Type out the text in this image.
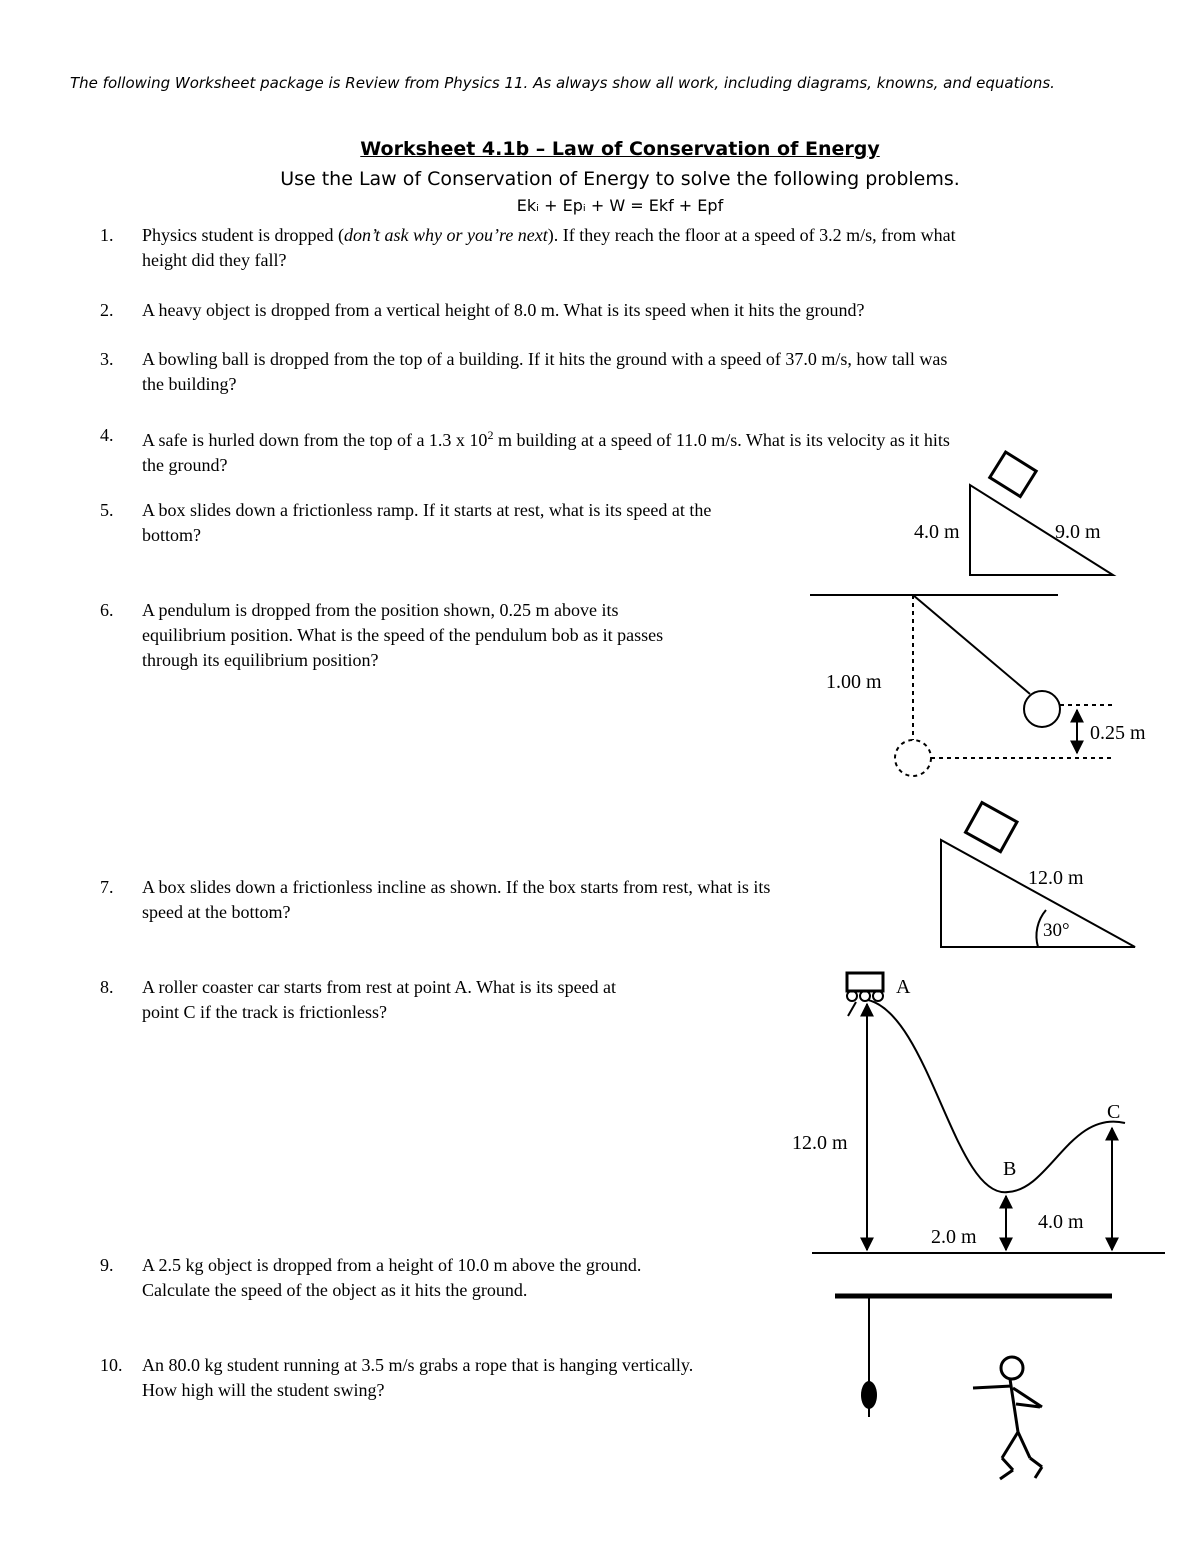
The following Worksheet package is Review from Physics 11. As always show all work, including diagrams, knowns, and equations.
Worksheet 4.1b – Law of Conservation of Energy
Use the Law of Conservation of Energy to solve the following problems.
Ekᵢ + Epᵢ + W = Ekf + Epf
1.	Physics student is dropped (don’t ask why or you’re next). If they reach the floor at a speed of 3.2 m/s, from what
height did they fall?
2.	A heavy object is dropped from a vertical height of 8.0 m. What is its speed when it hits the ground?
3.	A bowling ball is dropped from the top of a building. If it hits the ground with a speed of 37.0 m/s, how tall was
the building?
4.	A safe is hurled down from the top of a 1.3 x $10^2$ m building at a speed of 11.0 m/s. What is its velocity as it hits
the ground?
5.	A box slides down a frictionless ramp. If it starts at rest, what is its speed at the
bottom?
6.	A pendulum is dropped from the position shown, 0.25 m above its
equilibrium position. What is the speed of the pendulum bob as it passes
through its equilibrium position?
7.	A box slides down a frictionless incline as shown. If the box starts from rest, what is its
speed at the bottom?
8.	A roller coaster car starts from rest at point A. What is its speed at
point C if the track is frictionless?
9.	A 2.5 kg object is dropped from a height of 10.0 m above the ground.
Calculate the speed of the object as it hits the ground.
10.	An 80.0 kg student running at 3.5 m/s grabs a rope that is hanging vertically.
How high will the student swing?
4.0 m	9.0 m
1.00 m
0.25 m
12.0 m
30°
A
B
C
12.0 m
2.0 m
4.0 m
